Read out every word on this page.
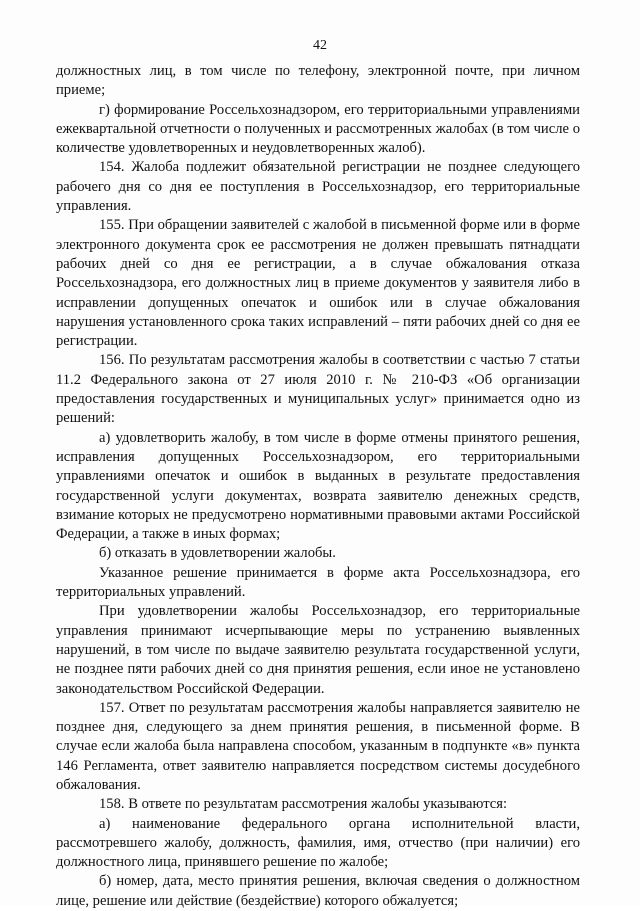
42

должностных лиц, в том числе по телефону, электронной почте, при личном приеме;

г) формирование Россельхознадзором, его территориальными управлениями ежеквартальной отчетности о полученных и рассмотренных жалобах (в том числе о количестве удовлетворенных и неудовлетворенных жалоб).

154. Жалоба подлежит обязательной регистрации не позднее следующего рабочего дня со дня ее поступления в Россельхознадзор, его территориальные управления.

155. При обращении заявителей с жалобой в письменной форме или в форме электронного документа срок ее рассмотрения не должен превышать пятнадцати рабочих дней со дня ее регистрации, а в случае обжалования отказа Россельхознадзора, его должностных лиц в приеме документов у заявителя либо в исправлении допущенных опечаток и ошибок или в случае обжалования нарушения установленного срока таких исправлений – пяти рабочих дней со дня ее регистрации.

156. По результатам рассмотрения жалобы в соответствии с частью 7 статьи 11.2 Федерального закона от 27 июля 2010 г. № 210-ФЗ «Об организации предоставления государственных и муниципальных услуг» принимается одно из решений:

а) удовлетворить жалобу, в том числе в форме отмены принятого решения, исправления допущенных Россельхознадзором, его территориальными управлениями опечаток и ошибок в выданных в результате предоставления государственной услуги документах, возврата заявителю денежных средств, взимание которых не предусмотрено нормативными правовыми актами Российской Федерации, а также в иных формах;

б) отказать в удовлетворении жалобы.

Указанное решение принимается в форме акта Россельхознадзора, его территориальных управлений.

При удовлетворении жалобы Россельхознадзор, его территориальные управления принимают исчерпывающие меры по устранению выявленных нарушений, в том числе по выдаче заявителю результата государственной услуги, не позднее пяти рабочих дней со дня принятия решения, если иное не установлено законодательством Российской Федерации.

157. Ответ по результатам рассмотрения жалобы направляется заявителю не позднее дня, следующего за днем принятия решения, в письменной форме. В случае если жалоба была направлена способом, указанным в подпункте «в» пункта 146 Регламента, ответ заявителю направляется посредством системы досудебного обжалования.

158. В ответе по результатам рассмотрения жалобы указываются:

а) наименование федерального органа исполнительной власти, рассмотревшего жалобу, должность, фамилия, имя, отчество (при наличии) его должностного лица, принявшего решение по жалобе;

б) номер, дата, место принятия решения, включая сведения о должностном лице, решение или действие (бездействие) которого обжалуется;
